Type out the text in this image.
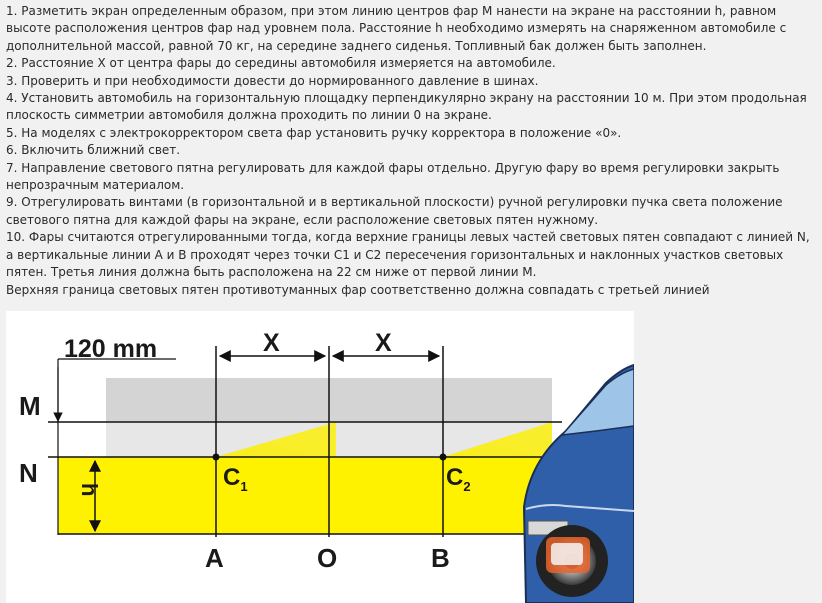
1. Разметить экран определенным образом, при этом линию центров фар М нанести на экране на расстоянии h, равном высоте расположения центров фар над уровнем пола. Расстояние h необходимо измерять на снаряженном автомобиле с дополнительной массой, равной 70 кг, на середине заднего сиденья. Топливный бак должен быть заполнен.

2. Расстояние Х от центра фары до середины автомобиля измеряется на автомобиле.

3. Проверить и при необходимости довести до нормированного давление в шинах.

4. Установить автомобиль на горизонтальную площадку перпендикулярно экрану на расстоянии 10 м. При этом продольная плоскость симметрии автомобиля должна проходить по линии 0 на экране.

5. На моделях с электрокорректором света фар установить ручку корректора в положение «0».

6. Включить ближний свет.

7. Направление светового пятна регулировать для каждой фары отдельно. Другую фару во время регулировки закрыть непрозрачным материалом.

9. Отрегулировать винтами (в горизонтальной и в вертикальной плоскости) ручной регулировки пучка света положение светового пятна для каждой фары на экране, если расположение световых пятен нужному.

10. Фары считаются отрегулированными тогда, когда верхние границы левых частей световых пятен совпадают с линией N, а вертикальные линии А и В проходят через точки С1 и С2 пересечения горизонтальных и наклонных участков световых пятен. Третья линия должна быть расположена на 22 см ниже от первой линии М.

Верхняя граница световых пятен противотуманных фар соответственно должна совпадать с третьей линией

120 mm	X	X
M
N
h	$C_1$	$C_2$
A	O	B
